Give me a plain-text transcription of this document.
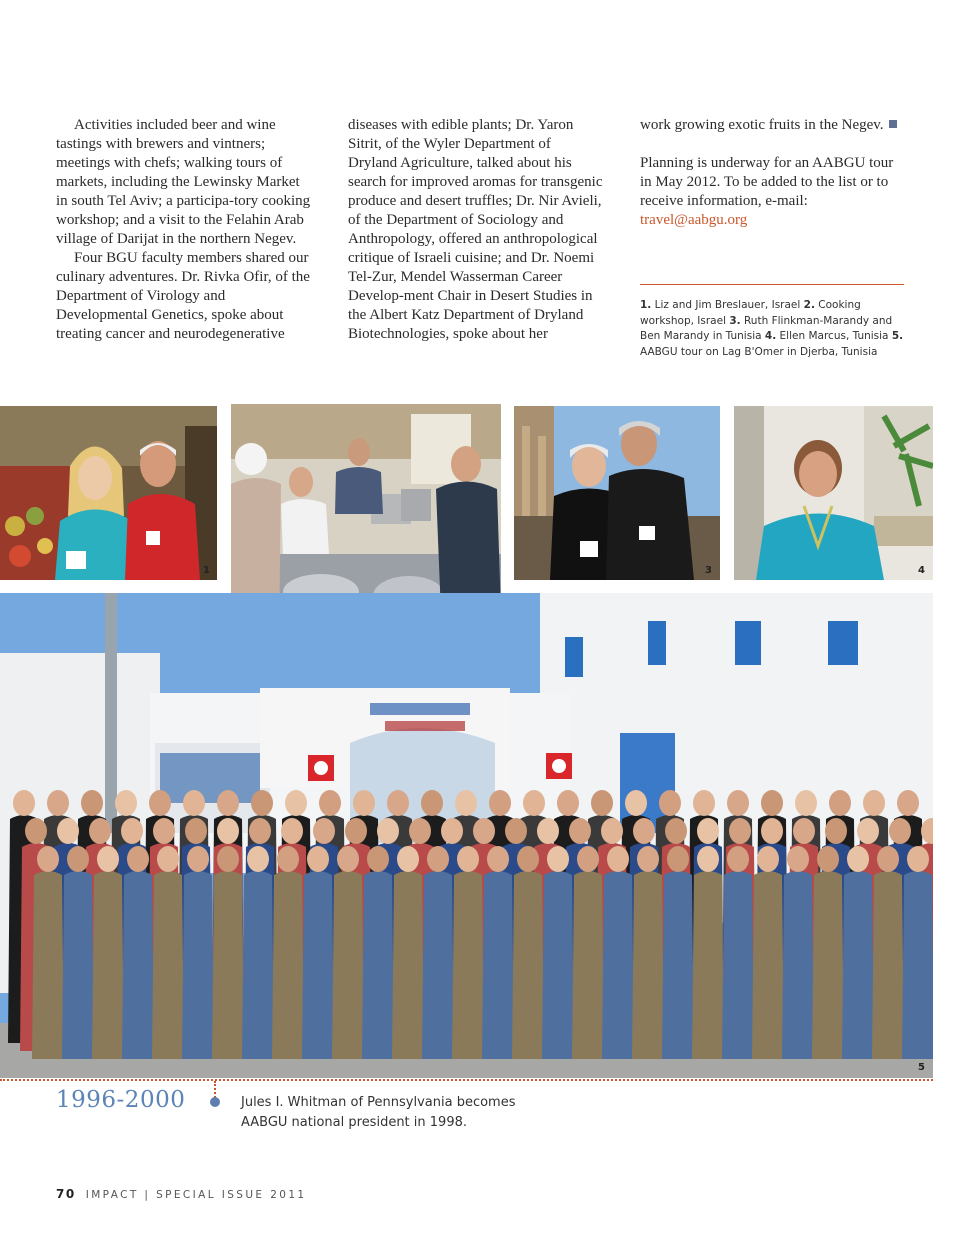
Activities included beer and wine tastings with brewers and vintners; meetings with chefs; walking tours of markets, including the Lewinsky Market in south Tel Aviv; a participa-tory cooking workshop; and a visit to the Felahin Arab village of Darijat in the northern Negev.

Four BGU faculty members shared our culinary adventures. Dr. Rivka Ofir, of the Department of Virology and Developmental Genetics, spoke about treating cancer and neurodegenerative

diseases with edible plants; Dr. Yaron Sitrit, of the Wyler Department of Dryland Agriculture, talked about his search for improved aromas for transgenic produce and desert truffles; Dr. Nir Avieli, of the Department of Sociology and Anthropology, offered an anthropological critique of Israeli cuisine; and Dr. Noemi Tel-Zur, Mendel Wasserman Career Develop-ment Chair in Desert Studies in the Albert Katz Department of Dryland Biotechnologies, spoke about her

work growing exotic fruits in the Negev.

Planning is underway for an AABGU tour in May 2012. To be added to the list or to receive information, e-mail: travel@aabgu.org

1. Liz and Jim Breslauer, Israel 2. Cooking workshop, Israel 3. Ruth Flinkman-Marandy and Ben Marandy in Tunisia 4. Ellen Marcus, Tunisia 5. AABGU tour on Lag B'Omer in Djerba, Tunisia
1	3	4
5
1996-2000	Jules I. Whitman of Pennsylvania becomes AABGU national president in 1998.
70 IMPACT | SPECIAL ISSUE 2011
